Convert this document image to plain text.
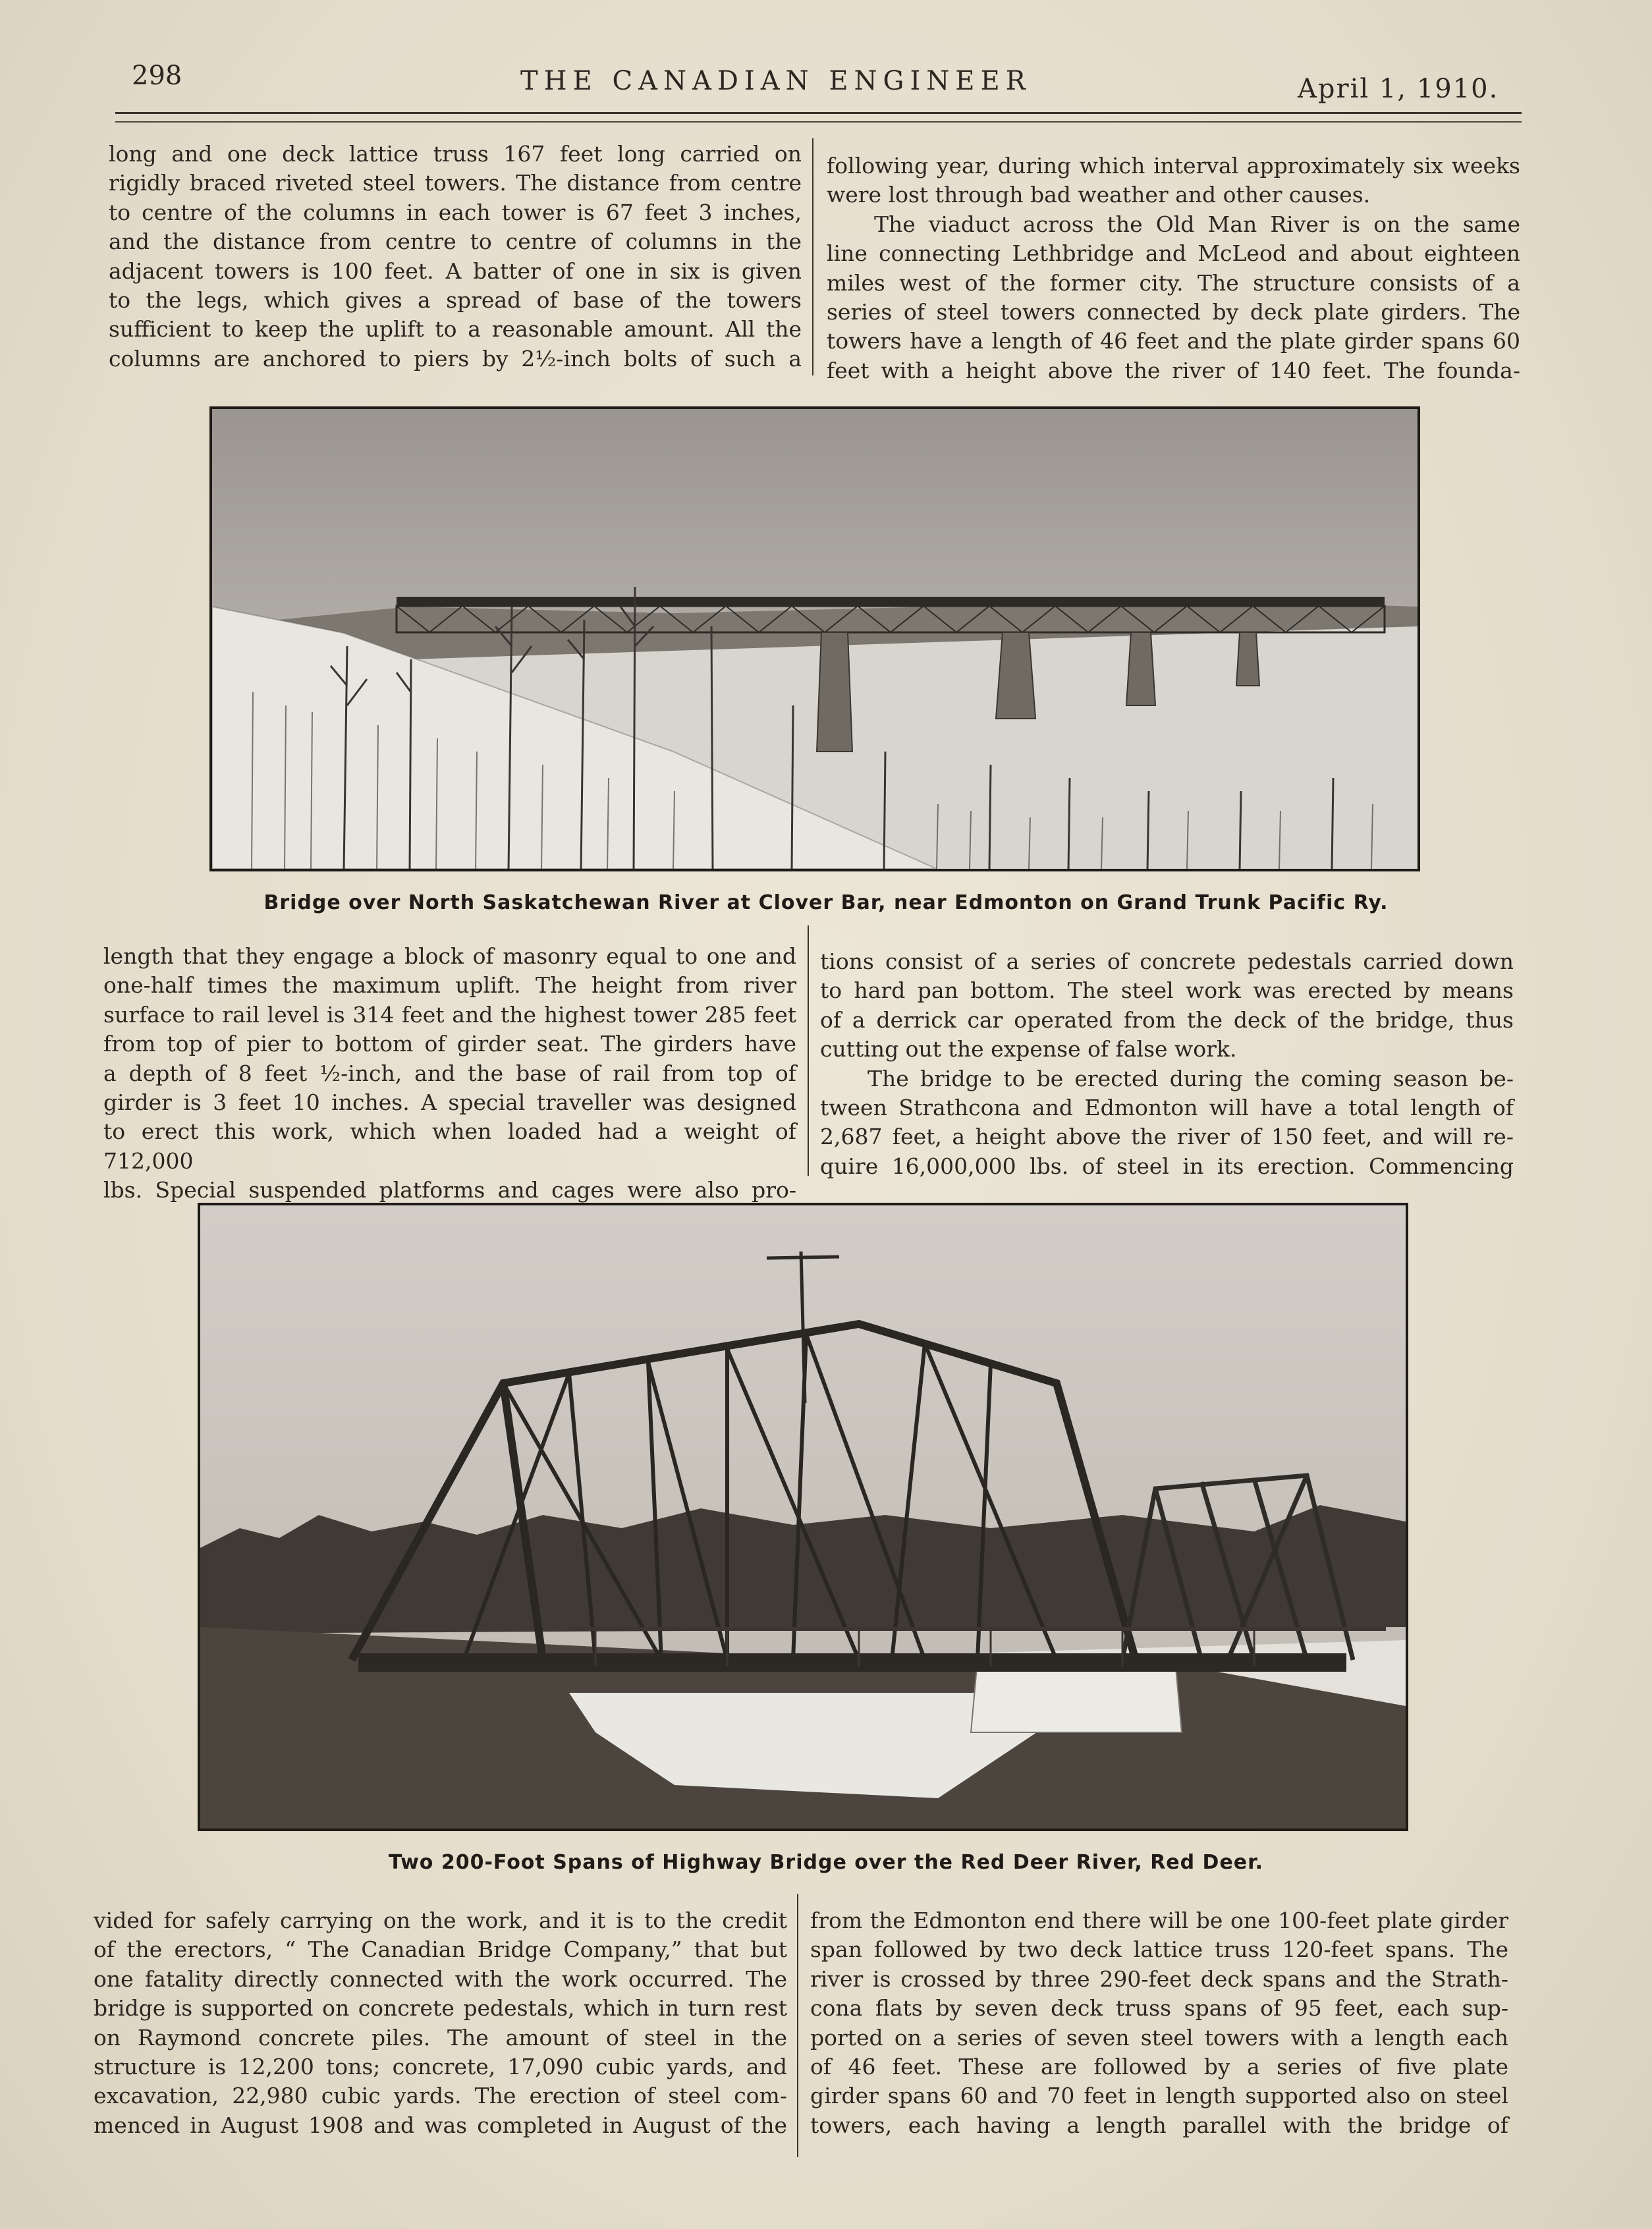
298	THE CANADIAN ENGINEER	April 1, 1910.
long and one deck lattice truss 167 feet long carried on
rigidly braced riveted steel towers. The distance from centre
to centre of the columns in each tower is 67 feet 3 inches,
and the distance from centre to centre of columns in the
adjacent towers is 100 feet. A batter of one in six is given
to the legs, which gives a spread of base of the towers
sufficient to keep the uplift to a reasonable amount. All the
columns are anchored to piers by 2½-inch bolts of such a
following year, during which interval approximately six weeks
were lost through bad weather and other causes.
The viaduct across the Old Man River is on the same
line connecting Lethbridge and McLeod and about eighteen
miles west of the former city. The structure consists of a
series of steel towers connected by deck plate girders. The
towers have a length of 46 feet and the plate girder spans 60
feet with a height above the river of 140 feet. The founda-

Bridge over North Saskatchewan River at Clover Bar, near Edmonton on Grand Trunk Pacific Ry.

length that they engage a block of masonry equal to one and
one-half times the maximum uplift. The height from river
surface to rail level is 314 feet and the highest tower 285 feet
from top of pier to bottom of girder seat. The girders have
a depth of 8 feet ½-inch, and the base of rail from top of
girder is 3 feet 10 inches. A special traveller was designed
to erect this work, which when loaded had a weight of 712,000
lbs. Special suspended platforms and cages were also pro-
tions consist of a series of concrete pedestals carried down
to hard pan bottom. The steel work was erected by means
of a derrick car operated from the deck of the bridge, thus
cutting out the expense of false work.
The bridge to be erected during the coming season be-
tween Strathcona and Edmonton will have a total length of
2,687 feet, a height above the river of 150 feet, and will re-
quire 16,000,000 lbs. of steel in its erection. Commencing

Two 200-Foot Spans of Highway Bridge over the Red Deer River, Red Deer.

vided for safely carrying on the work, and it is to the credit
of the erectors, “ The Canadian Bridge Company,” that but
one fatality directly connected with the work occurred. The
bridge is supported on concrete pedestals, which in turn rest
on Raymond concrete piles. The amount of steel in the
structure is 12,200 tons; concrete, 17,090 cubic yards, and
excavation, 22,980 cubic yards. The erection of steel com-
menced in August 1908 and was completed in August of the
from the Edmonton end there will be one 100-feet plate girder
span followed by two deck lattice truss 120-feet spans. The
river is crossed by three 290-feet deck spans and the Strath-
cona flats by seven deck truss spans of 95 feet, each sup-
ported on a series of seven steel towers with a length each
of 46 feet. These are followed by a series of five plate
girder spans 60 and 70 feet in length supported also on steel
towers, each having a length parallel with the bridge of
